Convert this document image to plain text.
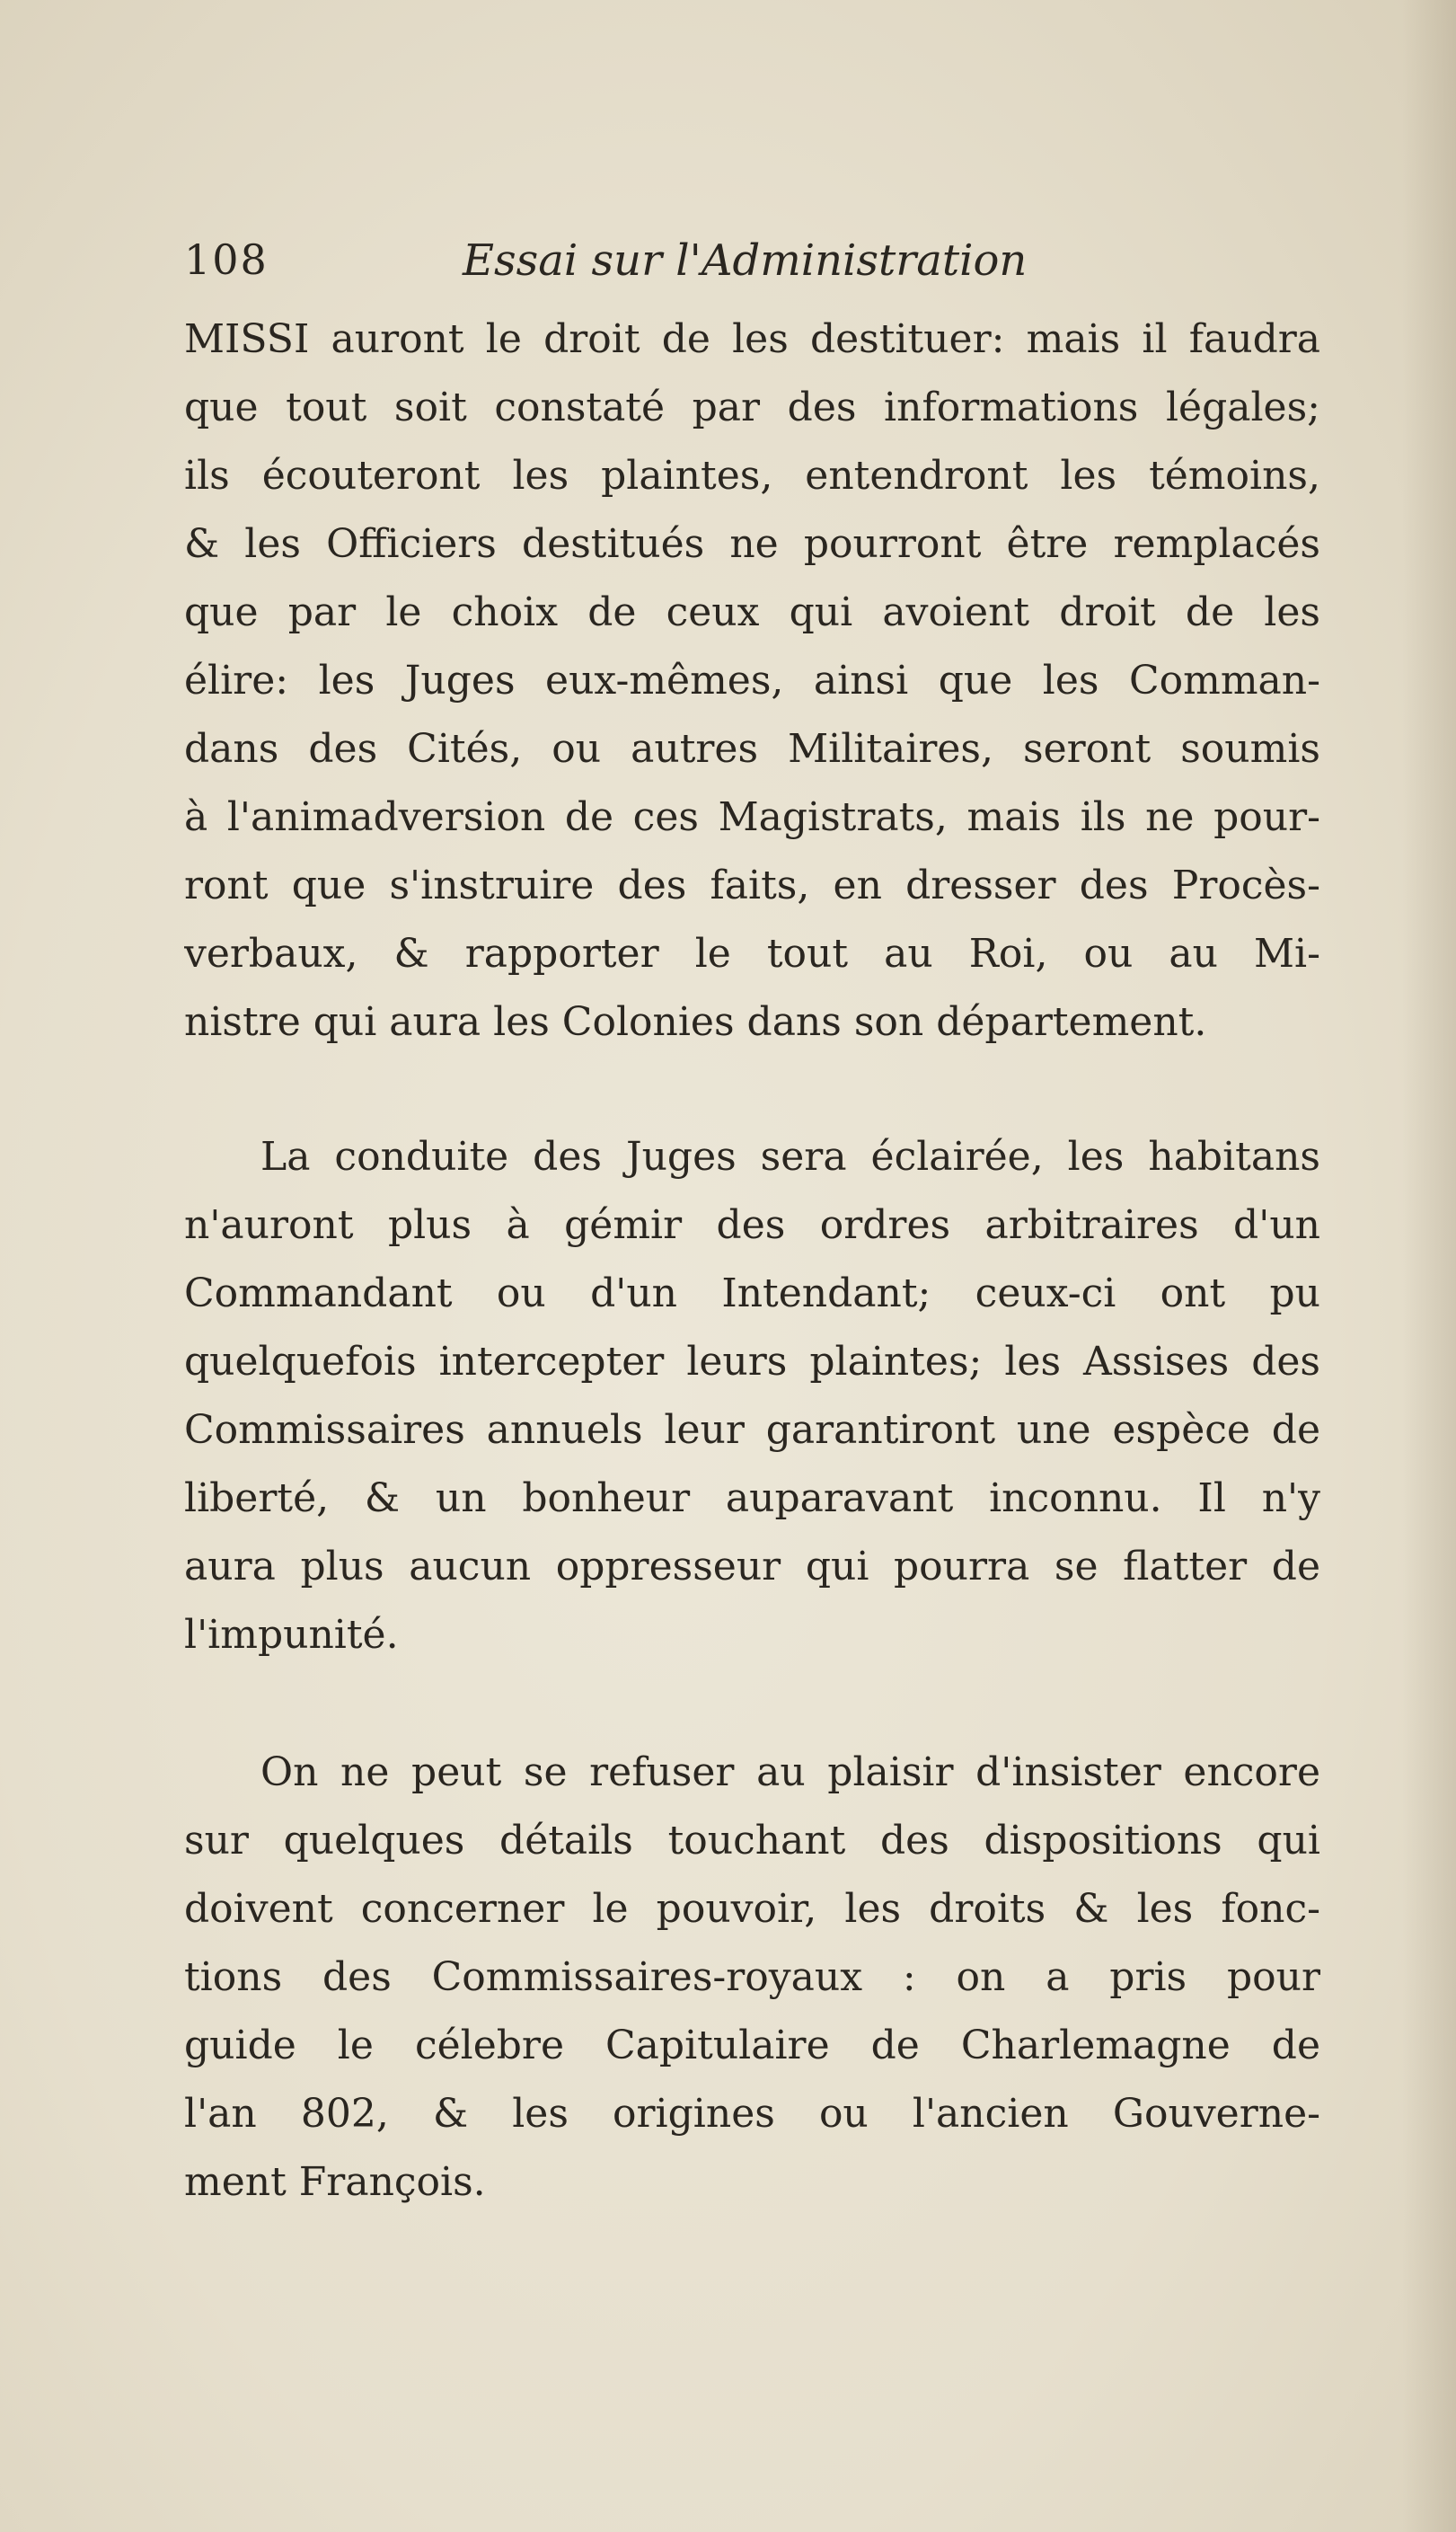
108	Essai sur l'Administration
MISSI auront le droit de les destituer: mais il faudra
que tout soit constaté par des informations légales;
ils écouteront les plaintes, entendront les témoins,
& les Officiers destitués ne pourront être remplacés
que par le choix de ceux qui avoient droit de les
élire: les Juges eux-mêmes, ainsi que les Comman-
dans des Cités, ou autres Militaires, seront soumis
à l'animadversion de ces Magistrats, mais ils ne pour-
ront que s'instruire des faits, en dresser des Procès-
verbaux, & rapporter le tout au Roi, ou au Mi-
nistre qui aura les Colonies dans son département.
La conduite des Juges sera éclairée, les habitans
n'auront plus à gémir des ordres arbitraires d'un
Commandant ou d'un Intendant; ceux-ci ont pu
quelquefois intercepter leurs plaintes; les Assises des
Commissaires annuels leur garantiront une espèce de
liberté, & un bonheur auparavant inconnu. Il n'y
aura plus aucun oppresseur qui pourra se flatter de
l'impunité.
On ne peut se refuser au plaisir d'insister encore
sur quelques détails touchant des dispositions qui
doivent concerner le pouvoir, les droits & les fonc-
tions des Commissaires-royaux : on a pris pour
guide le célebre Capitulaire de Charlemagne de
l'an 802, & les origines ou l'ancien Gouverne-
ment François.
